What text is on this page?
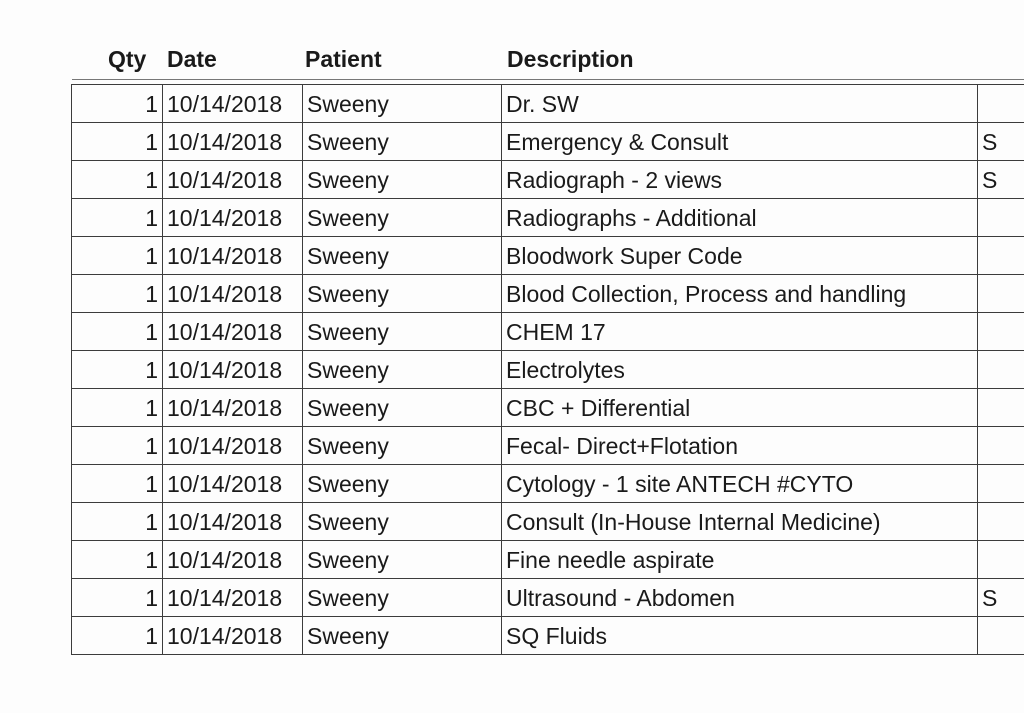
Qty Date	Patient	Description
1	10/14/2018	Sweeny	Dr. SW	
1	10/14/2018	Sweeny	Emergency & Consult	S
1	10/14/2018	Sweeny	Radiograph - 2 views	S
1	10/14/2018	Sweeny	Radiographs - Additional	
1	10/14/2018	Sweeny	Bloodwork Super Code	
1	10/14/2018	Sweeny	Blood Collection, Process and handling	
1	10/14/2018	Sweeny	CHEM 17	
1	10/14/2018	Sweeny	Electrolytes	
1	10/14/2018	Sweeny	CBC + Differential	
1	10/14/2018	Sweeny	Fecal- Direct+Flotation	
1	10/14/2018	Sweeny	Cytology - 1 site ANTECH #CYTO	
1	10/14/2018	Sweeny	Consult (In-House Internal Medicine)	
1	10/14/2018	Sweeny	Fine needle aspirate	
1	10/14/2018	Sweeny	Ultrasound - Abdomen	S
1	10/14/2018	Sweeny	SQ Fluids	
